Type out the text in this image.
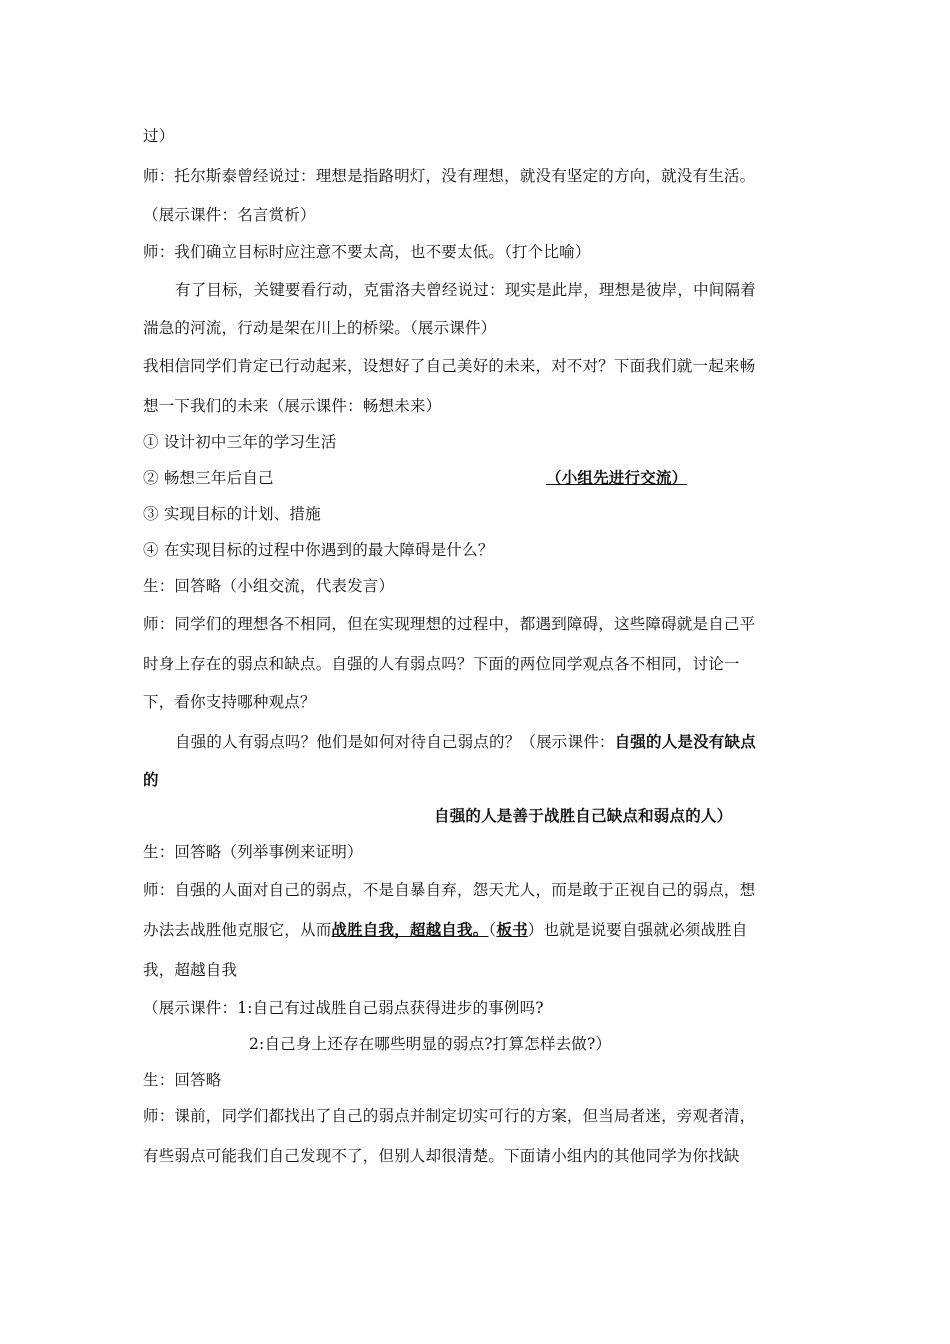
过）
师：托尔斯泰曾经说过：理想是指路明灯，没有理想，就没有坚定的方向，就没有生活。
（展示课件：名言赏析）
师：我们确立目标时应注意不要太高，也不要太低。（打个比喻）
有了目标，关键要看行动，克雷洛夫曾经说过：现实是此岸，理想是彼岸，中间隔着
湍急的河流，行动是架在川上的桥梁。（展示课件）
我相信同学们肯定已行动起来，设想好了自己美好的未来，对不对？下面我们就一起来畅
想一下我们的未来（展示课件：畅想未来）
① 设计初中三年的学习生活
② 畅想三年后自己	（小组先进行交流）
③ 实现目标的计划、措施
④ 在实现目标的过程中你遇到的最大障碍是什么？
生：回答略（小组交流，代表发言）
师：同学们的理想各不相同，但在实现理想的过程中，都遇到障碍，这些障碍就是自己平
时身上存在的弱点和缺点。自强的人有弱点吗？下面的两位同学观点各不相同，讨论一
下，看你支持哪种观点？
自强的人有弱点吗？他们是如何对待自己弱点的？（展示课件：自强的人是没有缺点
的
自强的人是善于战胜自己缺点和弱点的人）
生：回答略（列举事例来证明）
师：自强的人面对自己的弱点，不是自暴自弃，怨天尤人，而是敢于正视自己的弱点，想
办法去战胜他克服它，从而战胜自我，超越自我。（板书）也就是说要自强就必须战胜自
我，超越自我
（展示课件：1:自己有过战胜自己弱点获得进步的事例吗?
2:自己身上还存在哪些明显的弱点?打算怎样去做?）
生：回答略
师：课前，同学们都找出了自己的弱点并制定切实可行的方案，但当局者迷，旁观者清，
有些弱点可能我们自己发现不了，但别人却很清楚。下面请小组内的其他同学为你找缺
